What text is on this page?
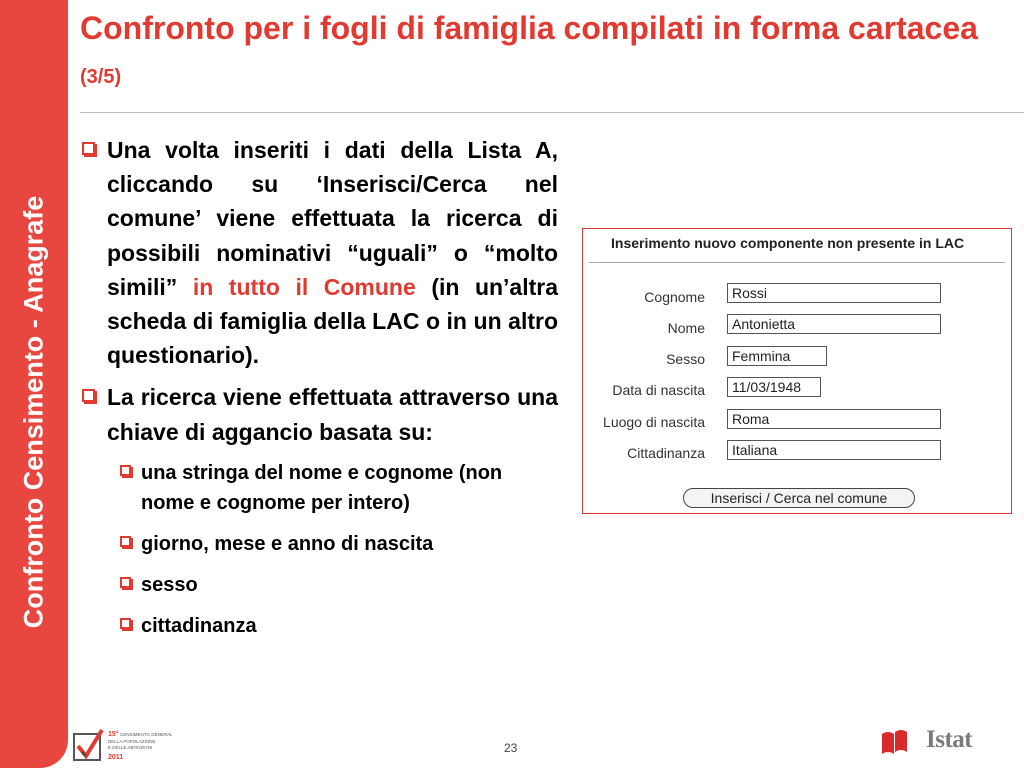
Confronto Censimento - Anagrafe
Confronto per i fogli di famiglia compilati in forma cartacea (3/5)
Una volta inseriti i dati della Lista A, cliccando su ‘Inserisci/Cerca nel comune’ viene effettuata la ricerca di possibili nominativi “uguali” o “molto simili” in tutto il Comune (in un’altra scheda di famiglia della LAC o in un altro questionario).
La ricerca viene effettuata attraverso una chiave di aggancio basata su:
una stringa del nome e cognome (non nome e cognome per intero)
giorno, mese e anno di nascita
sesso
cittadinanza
Inserimento nuovo componente non presente in LAC
Cognome
Rossi
Nome
Antonietta
Sesso
Femmina
Data di nascita
11/03/1948
Luogo di nascita
Roma
Cittadinanza
Italiana
Inserisci / Cerca nel comune
15° CENSIMENTO GENERALE
DELLA POPOLAZIONE
E DELLE ABITAZIONI
2011
23	Istat
